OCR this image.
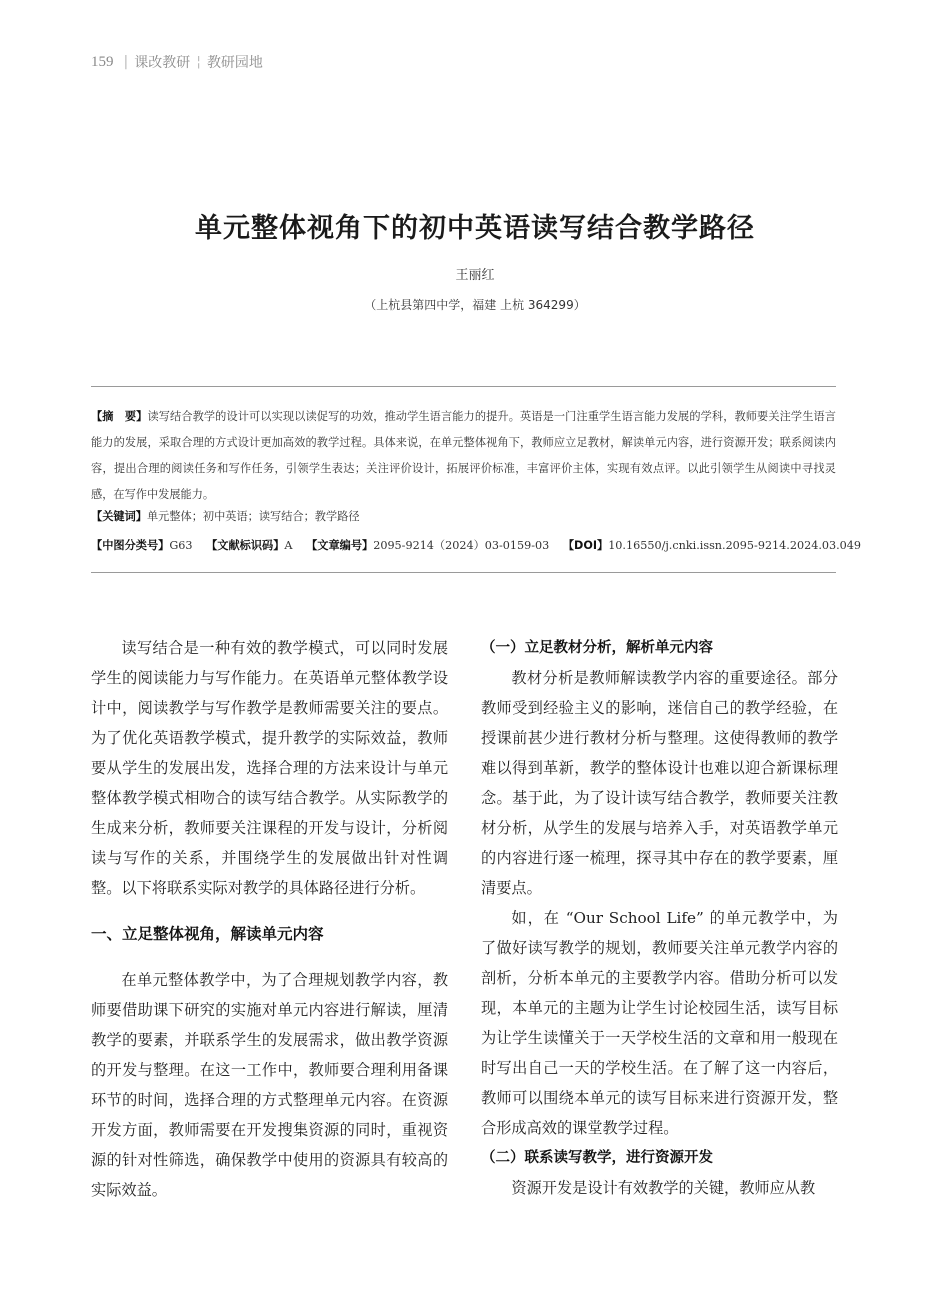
159 | 课改教研 ¦ 教研园地
单元整体视角下的初中英语读写结合教学路径
王丽红
（上杭县第四中学，福建 上杭 364299）
【摘　要】读写结合教学的设计可以实现以读促写的功效，推动学生语言能力的提升。英语是一门注重学生语言能力发展的学科，教师要关注学生语言能力的发展，采取合理的方式设计更加高效的教学过程。具体来说，在单元整体视角下，教师应立足教材，解读单元内容，进行资源开发；联系阅读内容，提出合理的阅读任务和写作任务，引领学生表达；关注评价设计，拓展评价标准，丰富评价主体，实现有效点评。以此引领学生从阅读中寻找灵感，在写作中发展能力。
【关键词】单元整体；初中英语；读写结合；教学路径
【中图分类号】G63 【文献标识码】A 【文章编号】2095-9214（2024）03-0159-03 【DOI】10.16550/j.cnki.issn.2095-9214.2024.03.049

读写结合是一种有效的教学模式，可以同时发展学生的阅读能力与写作能力。在英语单元整体教学设计中，阅读教学与写作教学是教师需要关注的要点。为了优化英语教学模式，提升教学的实际效益，教师要从学生的发展出发，选择合理的方法来设计与单元整体教学模式相吻合的读写结合教学。从实际教学的生成来分析，教师要关注课程的开发与设计，分析阅读与写作的关系，并围绕学生的发展做出针对性调整。以下将联系实际对教学的具体路径进行分析。

一、立足整体视角，解读单元内容

在单元整体教学中，为了合理规划教学内容，教师要借助课下研究的实施对单元内容进行解读，厘清教学的要素，并联系学生的发展需求，做出教学资源的开发与整理。在这一工作中，教师要合理利用备课环节的时间，选择合理的方式整理单元内容。在资源开发方面，教师需要在开发搜集资源的同时，重视资源的针对性筛选，确保教学中使用的资源具有较高的实际效益。

（一）立足教材分析，解析单元内容

教材分析是教师解读教学内容的重要途径。部分教师受到经验主义的影响，迷信自己的教学经验，在授课前甚少进行教材分析与整理。这使得教师的教学难以得到革新，教学的整体设计也难以迎合新课标理念。基于此，为了设计读写结合教学，教师要关注教材分析，从学生的发展与培养入手，对英语教学单元的内容进行逐一梳理，探寻其中存在的教学要素，厘清要点。

如，在 “Our School Life” 的单元教学中，为了做好读写教学的规划，教师要关注单元教学内容的剖析，分析本单元的主要教学内容。借助分析可以发现，本单元的主题为让学生讨论校园生活，读写目标为让学生读懂关于一天学校生活的文章和用一般现在时写出自己一天的学校生活。在了解了这一内容后，教师可以围绕本单元的读写目标来进行资源开发，整合形成高效的课堂教学过程。

（二）联系读写教学，进行资源开发

资源开发是设计有效教学的关键，教师应从教
